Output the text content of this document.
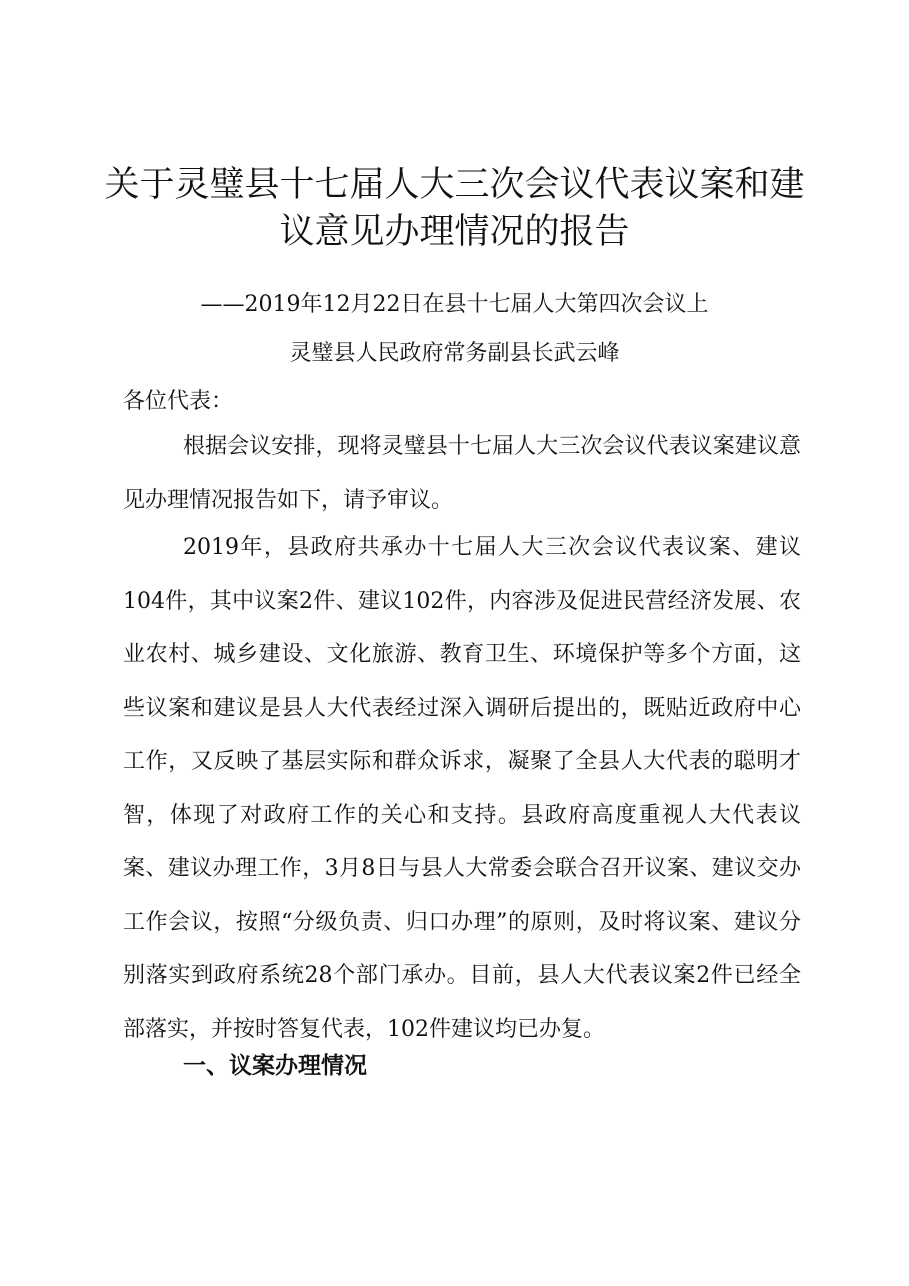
关于灵璧县十七届人大三次会议代表议案和建
议意见办理情况的报告
——2019年12月22日在县十七届人大第四次会议上
灵璧县人民政府常务副县长武云峰
各位代表：

根据会议安排，现将灵璧县十七届人大三次会议代表议案建议意见办理情况报告如下，请予审议。

2019年，县政府共承办十七届人大三次会议代表议案、建议104件，其中议案2件、建议102件，内容涉及促进民营经济发展、农业农村、城乡建设、文化旅游、教育卫生、环境保护等多个方面，这些议案和建议是县人大代表经过深入调研后提出的，既贴近政府中心工作，又反映了基层实际和群众诉求，凝聚了全县人大代表的聪明才智，体现了对政府工作的关心和支持。县政府高度重视人大代表议案、建议办理工作，3月8日与县人大常委会联合召开议案、建议交办工作会议，按照“分级负责、归口办理”的原则，及时将议案、建议分别落实到政府系统28个部门承办。目前，县人大代表议案2件已经全部落实，并按时答复代表，102件建议均已办复。

一、议案办理情况
